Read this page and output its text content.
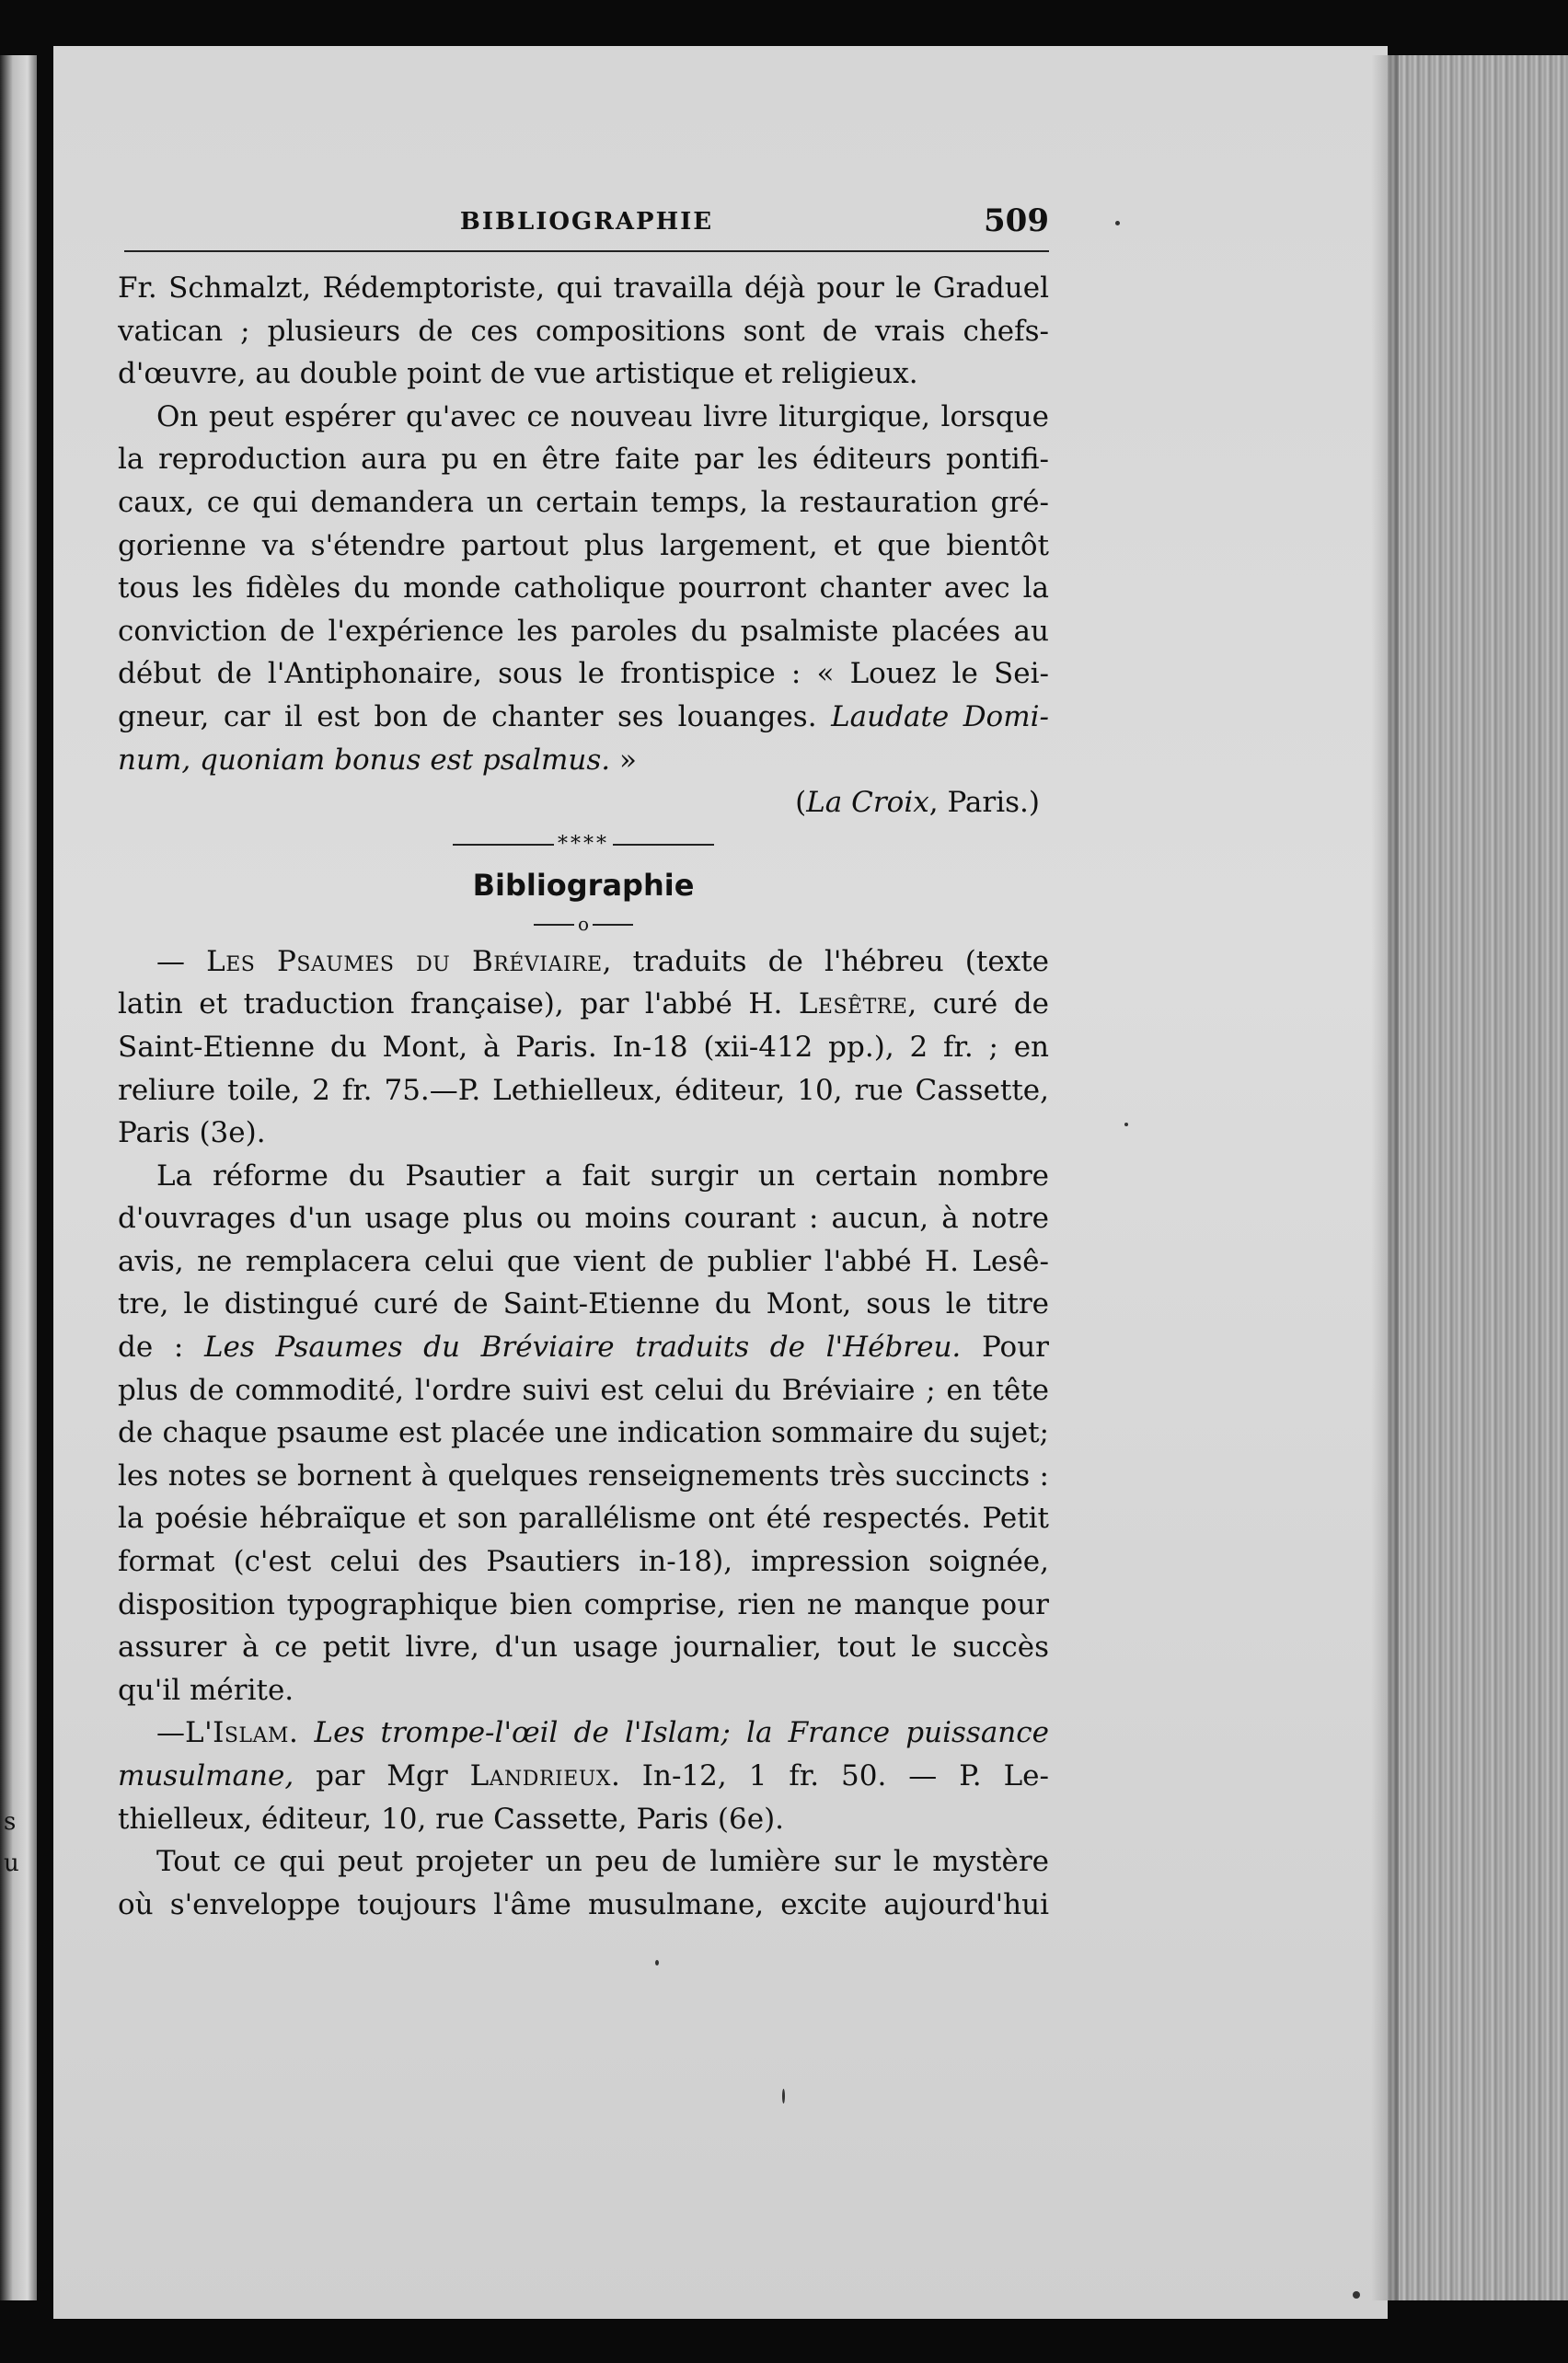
s
u
BIBLIOGRAPHIE	509
Fr. Schmalzt, Rédemptoriste, qui travailla déjà pour le Graduel
vatican ; plusieurs de ces compositions sont de vrais chefs-
d'œuvre, au double point de vue artistique et religieux.
On peut espérer qu'avec ce nouveau livre liturgique, lorsque
la reproduction aura pu en être faite par les éditeurs pontifi-
caux, ce qui demandera un certain temps, la restauration gré-
gorienne va s'étendre partout plus largement, et que bientôt
tous les fidèles du monde catholique pourront chanter avec la
conviction de l'expérience les paroles du psalmiste placées au
début de l'Antiphonaire, sous le frontispice : « Louez le Sei-
gneur, car il est bon de chanter ses louanges. Laudate Domi-
num, quoniam bonus est psalmus. »
(La Croix, Paris.)
****
Bibliographie
o
— Les Psaumes du Bréviaire, traduits de l'hébreu (texte
latin et traduction française), par l'abbé H. Lesêtre, curé de
Saint-Etienne du Mont, à Paris. In-18 (xii-412 pp.), 2 fr. ; en
reliure toile, 2 fr. 75.—P. Lethielleux, éditeur, 10, rue Cassette,
Paris (3e).
La réforme du Psautier a fait surgir un certain nombre
d'ouvrages d'un usage plus ou moins courant : aucun, à notre
avis, ne remplacera celui que vient de publier l'abbé H. Lesê-
tre, le distingué curé de Saint-Etienne du Mont, sous le titre
de : Les Psaumes du Bréviaire traduits de l'Hébreu. Pour
plus de commodité, l'ordre suivi est celui du Bréviaire ; en tête
de chaque psaume est placée une indication sommaire du sujet;
les notes se bornent à quelques renseignements très succincts :
la poésie hébraïque et son parallélisme ont été respectés. Petit
format (c'est celui des Psautiers in-18), impression soignée,
disposition typographique bien comprise, rien ne manque pour
assurer à ce petit livre, d'un usage journalier, tout le succès
qu'il mérite.
—L'Islam. Les trompe-l'œil de l'Islam; la France puissance
musulmane, par Mgr Landrieux. In-12, 1 fr. 50. — P. Le-
thielleux, éditeur, 10, rue Cassette, Paris (6e).
Tout ce qui peut projeter un peu de lumière sur le mystère
où s'enveloppe toujours l'âme musulmane, excite aujourd'hui
